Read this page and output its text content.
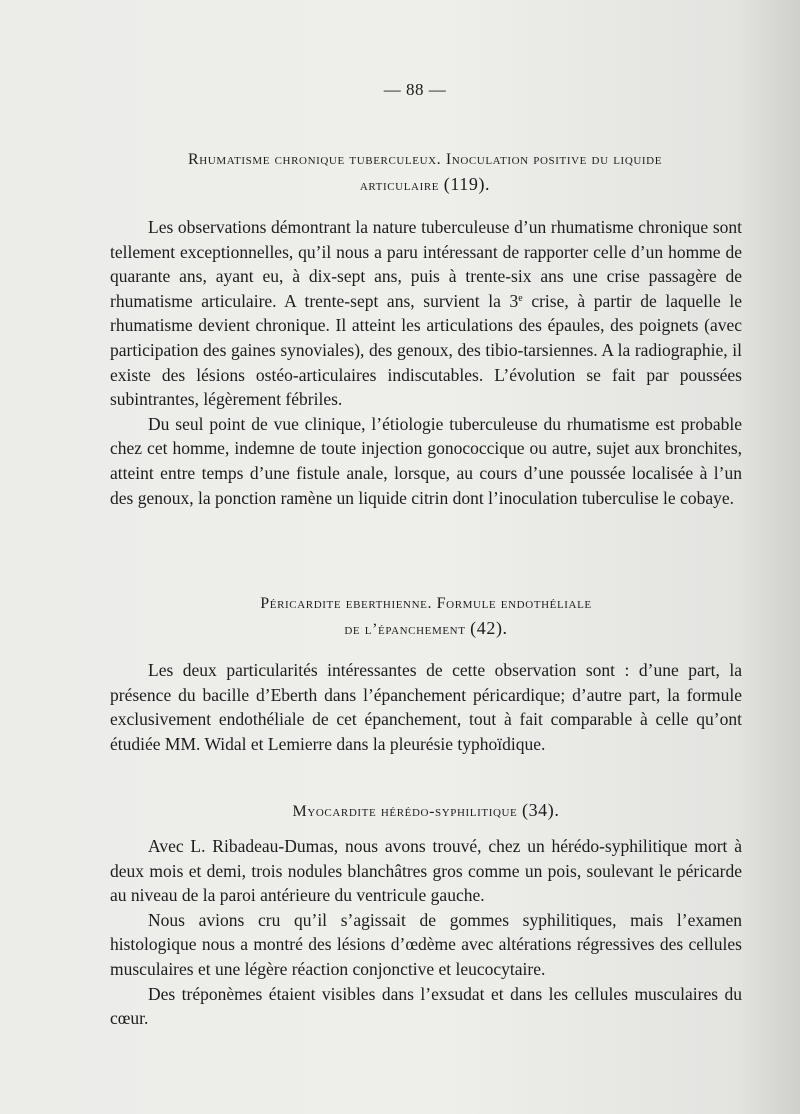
— 88 —
Rhumatisme chronique tuberculeux. Inoculation positive du liquide
articulaire (119).

Les observations démontrant la nature tuberculeuse d’un rhumatisme chronique sont tellement exceptionnelles, qu’il nous a paru intéressant de rapporter celle d’un homme de quarante ans, ayant eu, à dix-sept ans, puis à trente-six ans une crise passagère de rhumatisme articulaire. A trente-sept ans, survient la 3e crise, à partir de laquelle le rhumatisme devient chronique. Il atteint les articulations des épaules, des poignets (avec participation des gaines synoviales), des genoux, des tibio-tarsiennes. A la radiographie, il existe des lésions ostéo-articulaires indiscutables. L’évolution se fait par poussées subintrantes, légèrement fébriles.

Du seul point de vue clinique, l’étiologie tuberculeuse du rhumatisme est probable chez cet homme, indemne de toute injection gonococcique ou autre, sujet aux bronchites, atteint entre temps d’une fistule anale, lorsque, au cours d’une poussée localisée à l’un des genoux, la ponction ramène un liquide citrin dont l’inoculation tuberculise le cobaye.

Péricardite eberthienne. Formule endothéliale
de l’épanchement (42).

Les deux particularités intéressantes de cette observation sont : d’une part, la présence du bacille d’Eberth dans l’épanchement péricardique; d’autre part, la formule exclusivement endothéliale de cet épanchement, tout à fait comparable à celle qu’ont étudiée MM. Widal et Lemierre dans la pleurésie typhoïdique.

Myocardite hérédo-syphilitique (34).

Avec L. Ribadeau-Dumas, nous avons trouvé, chez un hérédo-syphilitique mort à deux mois et demi, trois nodules blanchâtres gros comme un pois, soulevant le péricarde au niveau de la paroi antérieure du ventricule gauche.

Nous avions cru qu’il s’agissait de gommes syphilitiques, mais l’examen histologique nous a montré des lésions d’œdème avec altérations régressives des cellules musculaires et une légère réaction conjonctive et leucocytaire.

Des tréponèmes étaient visibles dans l’exsudat et dans les cellules musculaires du cœur.
